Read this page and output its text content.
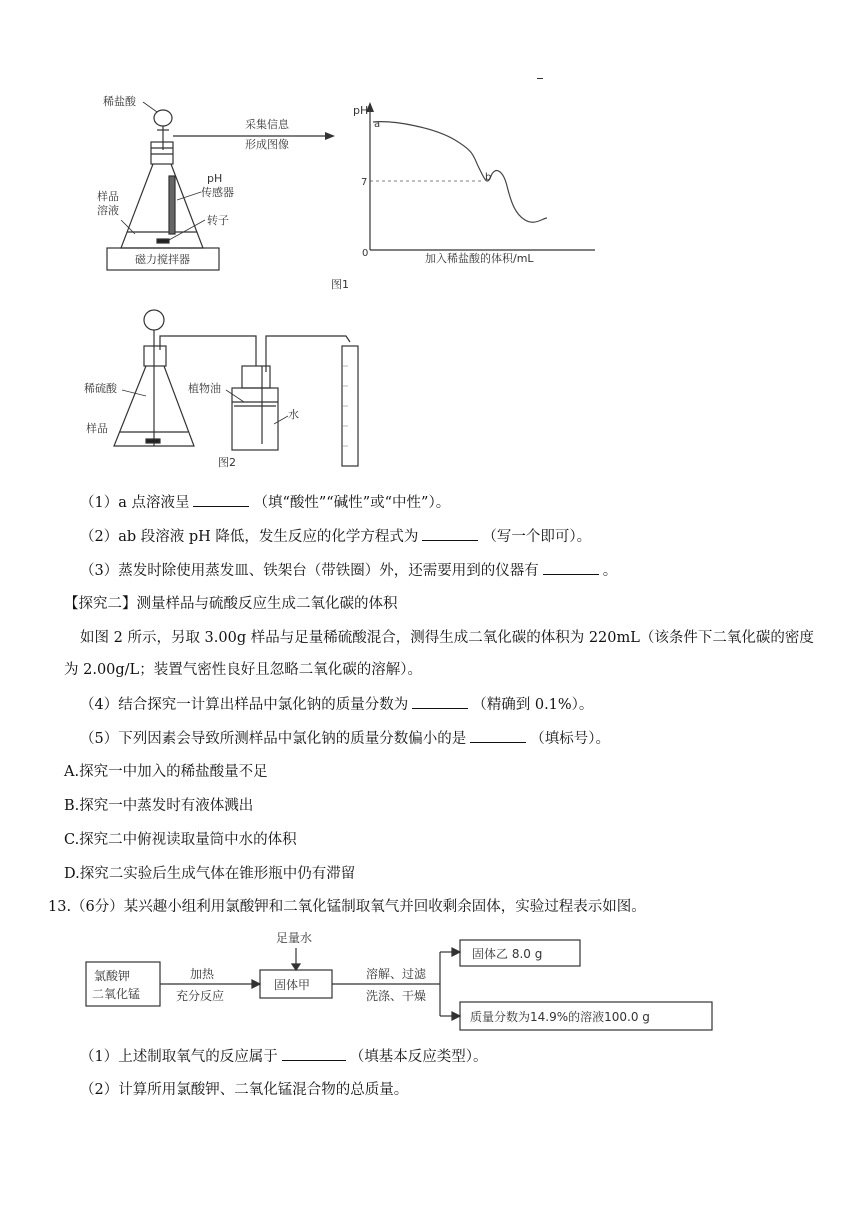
稀盐酸
采集信息
形成图像
pH
传感器
样品
溶液
转子
磁力搅拌器
pH
0
7
a
b
加入稀盐酸的体积/mL
图1
稀硫酸
样品
植物油
水
图2
（1）a 点溶液呈	（填“酸性”“碱性”或“中性”）。
（2）ab 段溶液 pH 降低，发生反应的化学方程式为	（写一个即可）。
（3）蒸发时除使用蒸发皿、铁架台（带铁圈）外，还需要用到的仪器有	。
【探究二】测量样品与硫酸反应生成二氧化碳的体积
如图 2 所示，另取 3.00g 样品与足量稀硫酸混合，测得生成二氧化碳的体积为 220mL（该条件下二氧化碳的密度
为 2.00g/L；装置气密性良好且忽略二氧化碳的溶解）。
（4）结合探究一计算出样品中氯化钠的质量分数为	（精确到 0.1%）。
（5）下列因素会导致所测样品中氯化钠的质量分数偏小的是	（填标号）。
A.探究一中加入的稀盐酸量不足
B.探究一中蒸发时有液体溅出
C.探究二中俯视读取量筒中水的体积
D.探究二实验后生成气体在锥形瓶中仍有滞留
13.（6分）某兴趣小组利用氯酸钾和二氧化锰制取氧气并回收剩余固体，实验过程表示如图。
氯酸钾
二氧化锰
加热
充分反应
足量水
固体甲
溶解、过滤
洗涤、干燥
固体乙 8.0 g
质量分数为14.9%的溶液100.0 g
（1）上述制取氧气的反应属于	（填基本反应类型）。
（2）计算所用氯酸钾、二氧化锰混合物的总质量。
